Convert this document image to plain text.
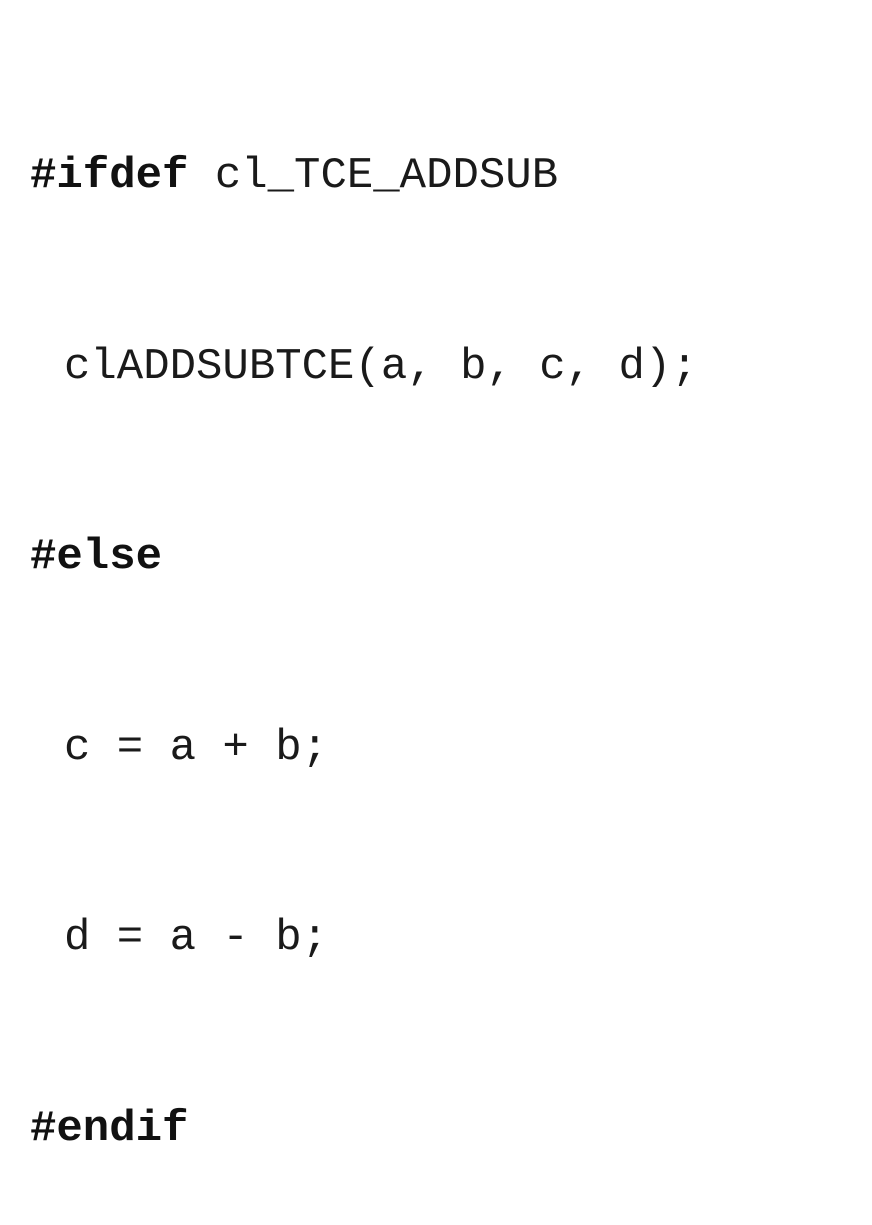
#ifdef cl_TCE_ADDSUB

clADDSUBTCE(a, b, c, d);

#else

c = a + b;

d = a - b;

#endif
